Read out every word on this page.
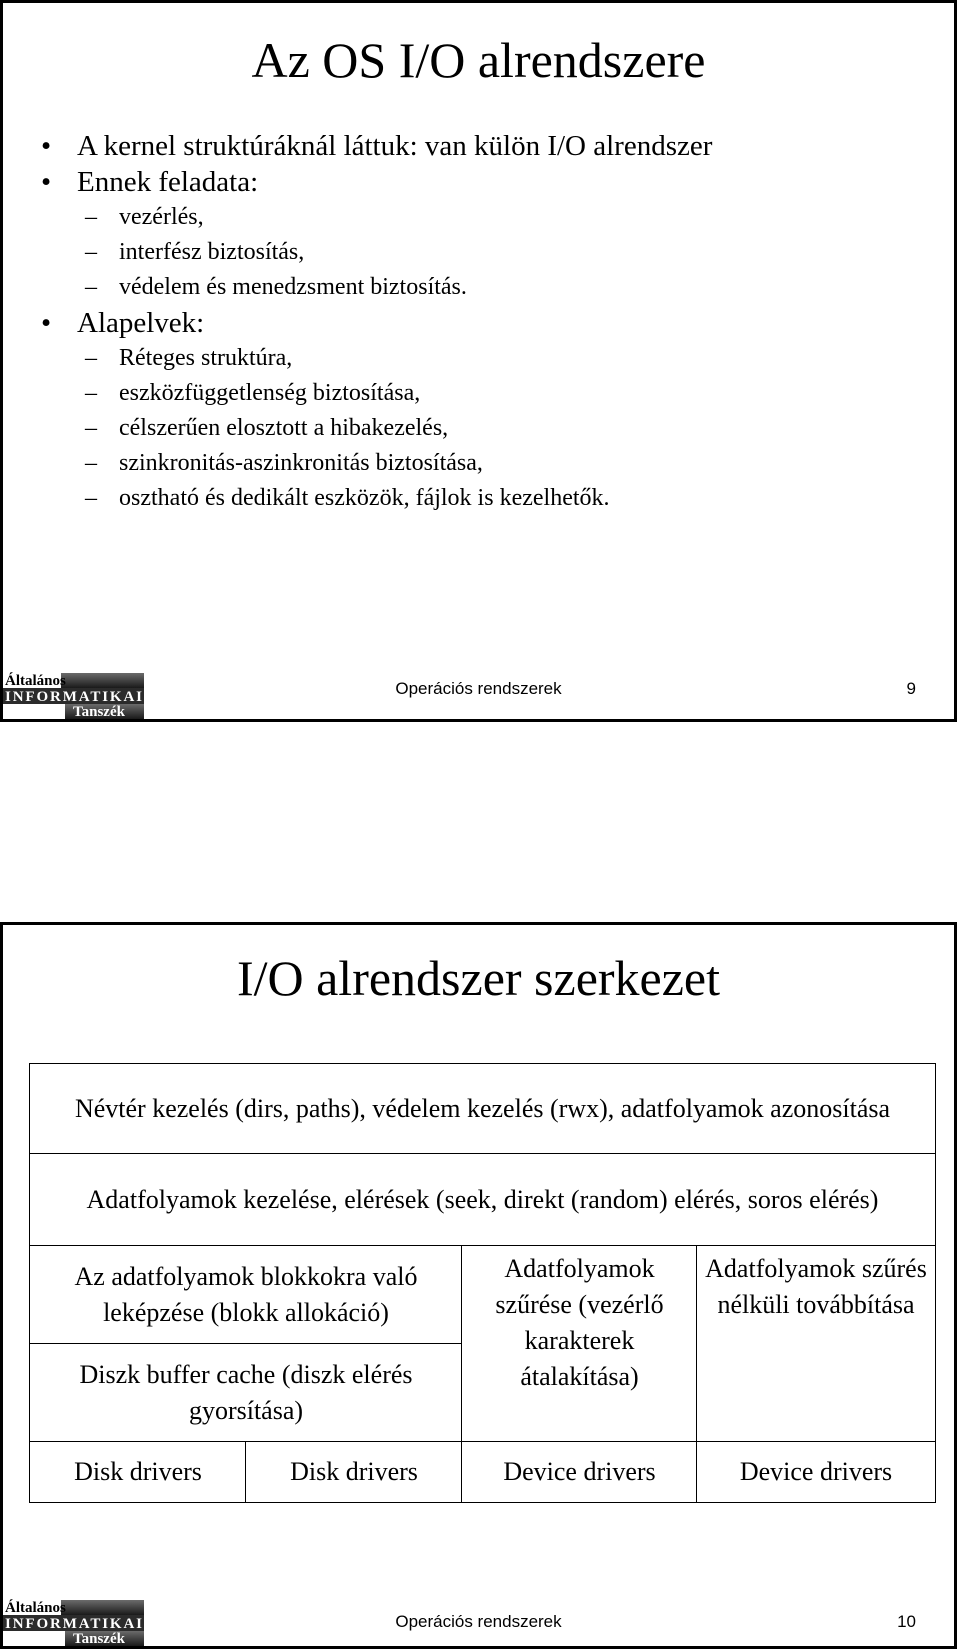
Az OS I/O alrendszere
• A kernel struktúráknál láttuk: van külön I/O alrendszer
• Ennek feladata:
– vezérlés,
– interfész biztosítás,
– védelem és menedzsment biztosítás.
• Alapelvek:
– Réteges struktúra,
– eszközfüggetlenség biztosítása,
– célszerűen elosztott a hibakezelés,
– szinkronitás-aszinkronitás biztosítása,
– osztható és dedikált eszközök, fájlok is kezelhetők.
Általános
INFORMATIKAI
Tanszék
Operációs rendszerek	9
I/O alrendszer szerkezet
Névtér kezelés (dirs, paths), védelem kezelés (rwx), adatfolyamok azonosítása
Adatfolyamok kezelése, elérések (seek, direkt (random) elérés, soros elérés)
Az adatfolyamok blokkokra való leképzése (blokk allokáció)
Diszk buffer cache (diszk elérés gyorsítása)
Adatfolyamok szűrése (vezérlő karakterek átalakítása)
Adatfolyamok szűrés nélküli továbbítása
Disk drivers	Disk drivers	Device drivers	Device drivers
Általános
INFORMATIKAI
Tanszék
Operációs rendszerek	10
